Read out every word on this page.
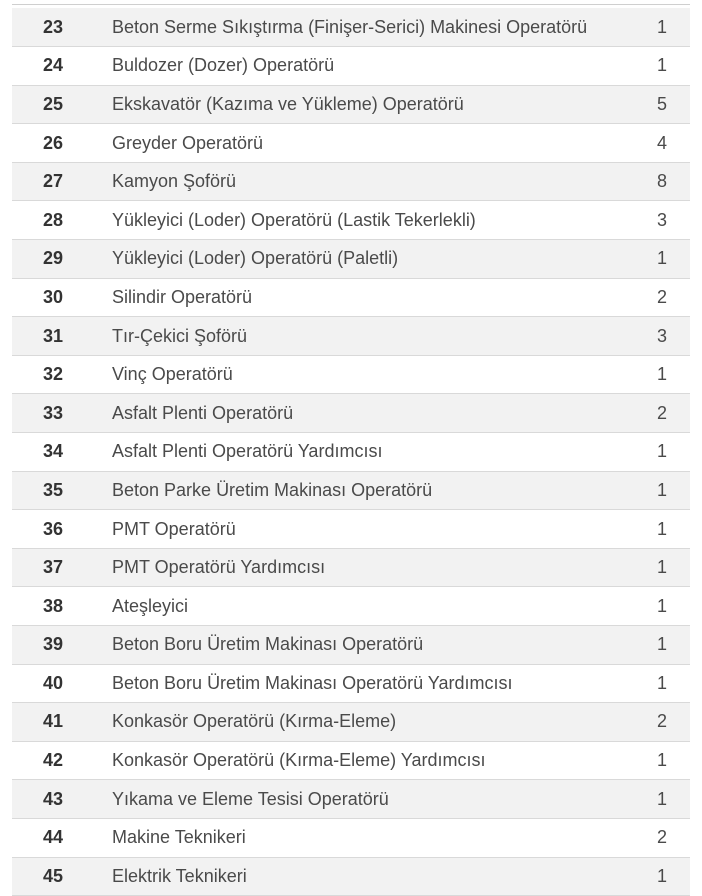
23	Beton Serme Sıkıştırma (Finişer-Serici) Makinesi Operatörü	1
24	Buldozer (Dozer) Operatörü	1
25	Ekskavatör (Kazıma ve Yükleme) Operatörü	5
26	Greyder Operatörü	4
27	Kamyon Şoförü	8
28	Yükleyici (Loder) Operatörü (Lastik Tekerlekli)	3
29	Yükleyici (Loder) Operatörü (Paletli)	1
30	Silindir Operatörü	2
31	Tır-Çekici Şoförü	3
32	Vinç Operatörü	1
33	Asfalt Plenti Operatörü	2
34	Asfalt Plenti Operatörü Yardımcısı	1
35	Beton Parke Üretim Makinası Operatörü	1
36	PMT Operatörü	1
37	PMT Operatörü Yardımcısı	1
38	Ateşleyici	1
39	Beton Boru Üretim Makinası Operatörü	1
40	Beton Boru Üretim Makinası Operatörü Yardımcısı	1
41	Konkasör Operatörü (Kırma-Eleme)	2
42	Konkasör Operatörü (Kırma-Eleme) Yardımcısı	1
43	Yıkama ve Eleme Tesisi Operatörü	1
44	Makine Teknikeri	2
45	Elektrik Teknikeri	1
